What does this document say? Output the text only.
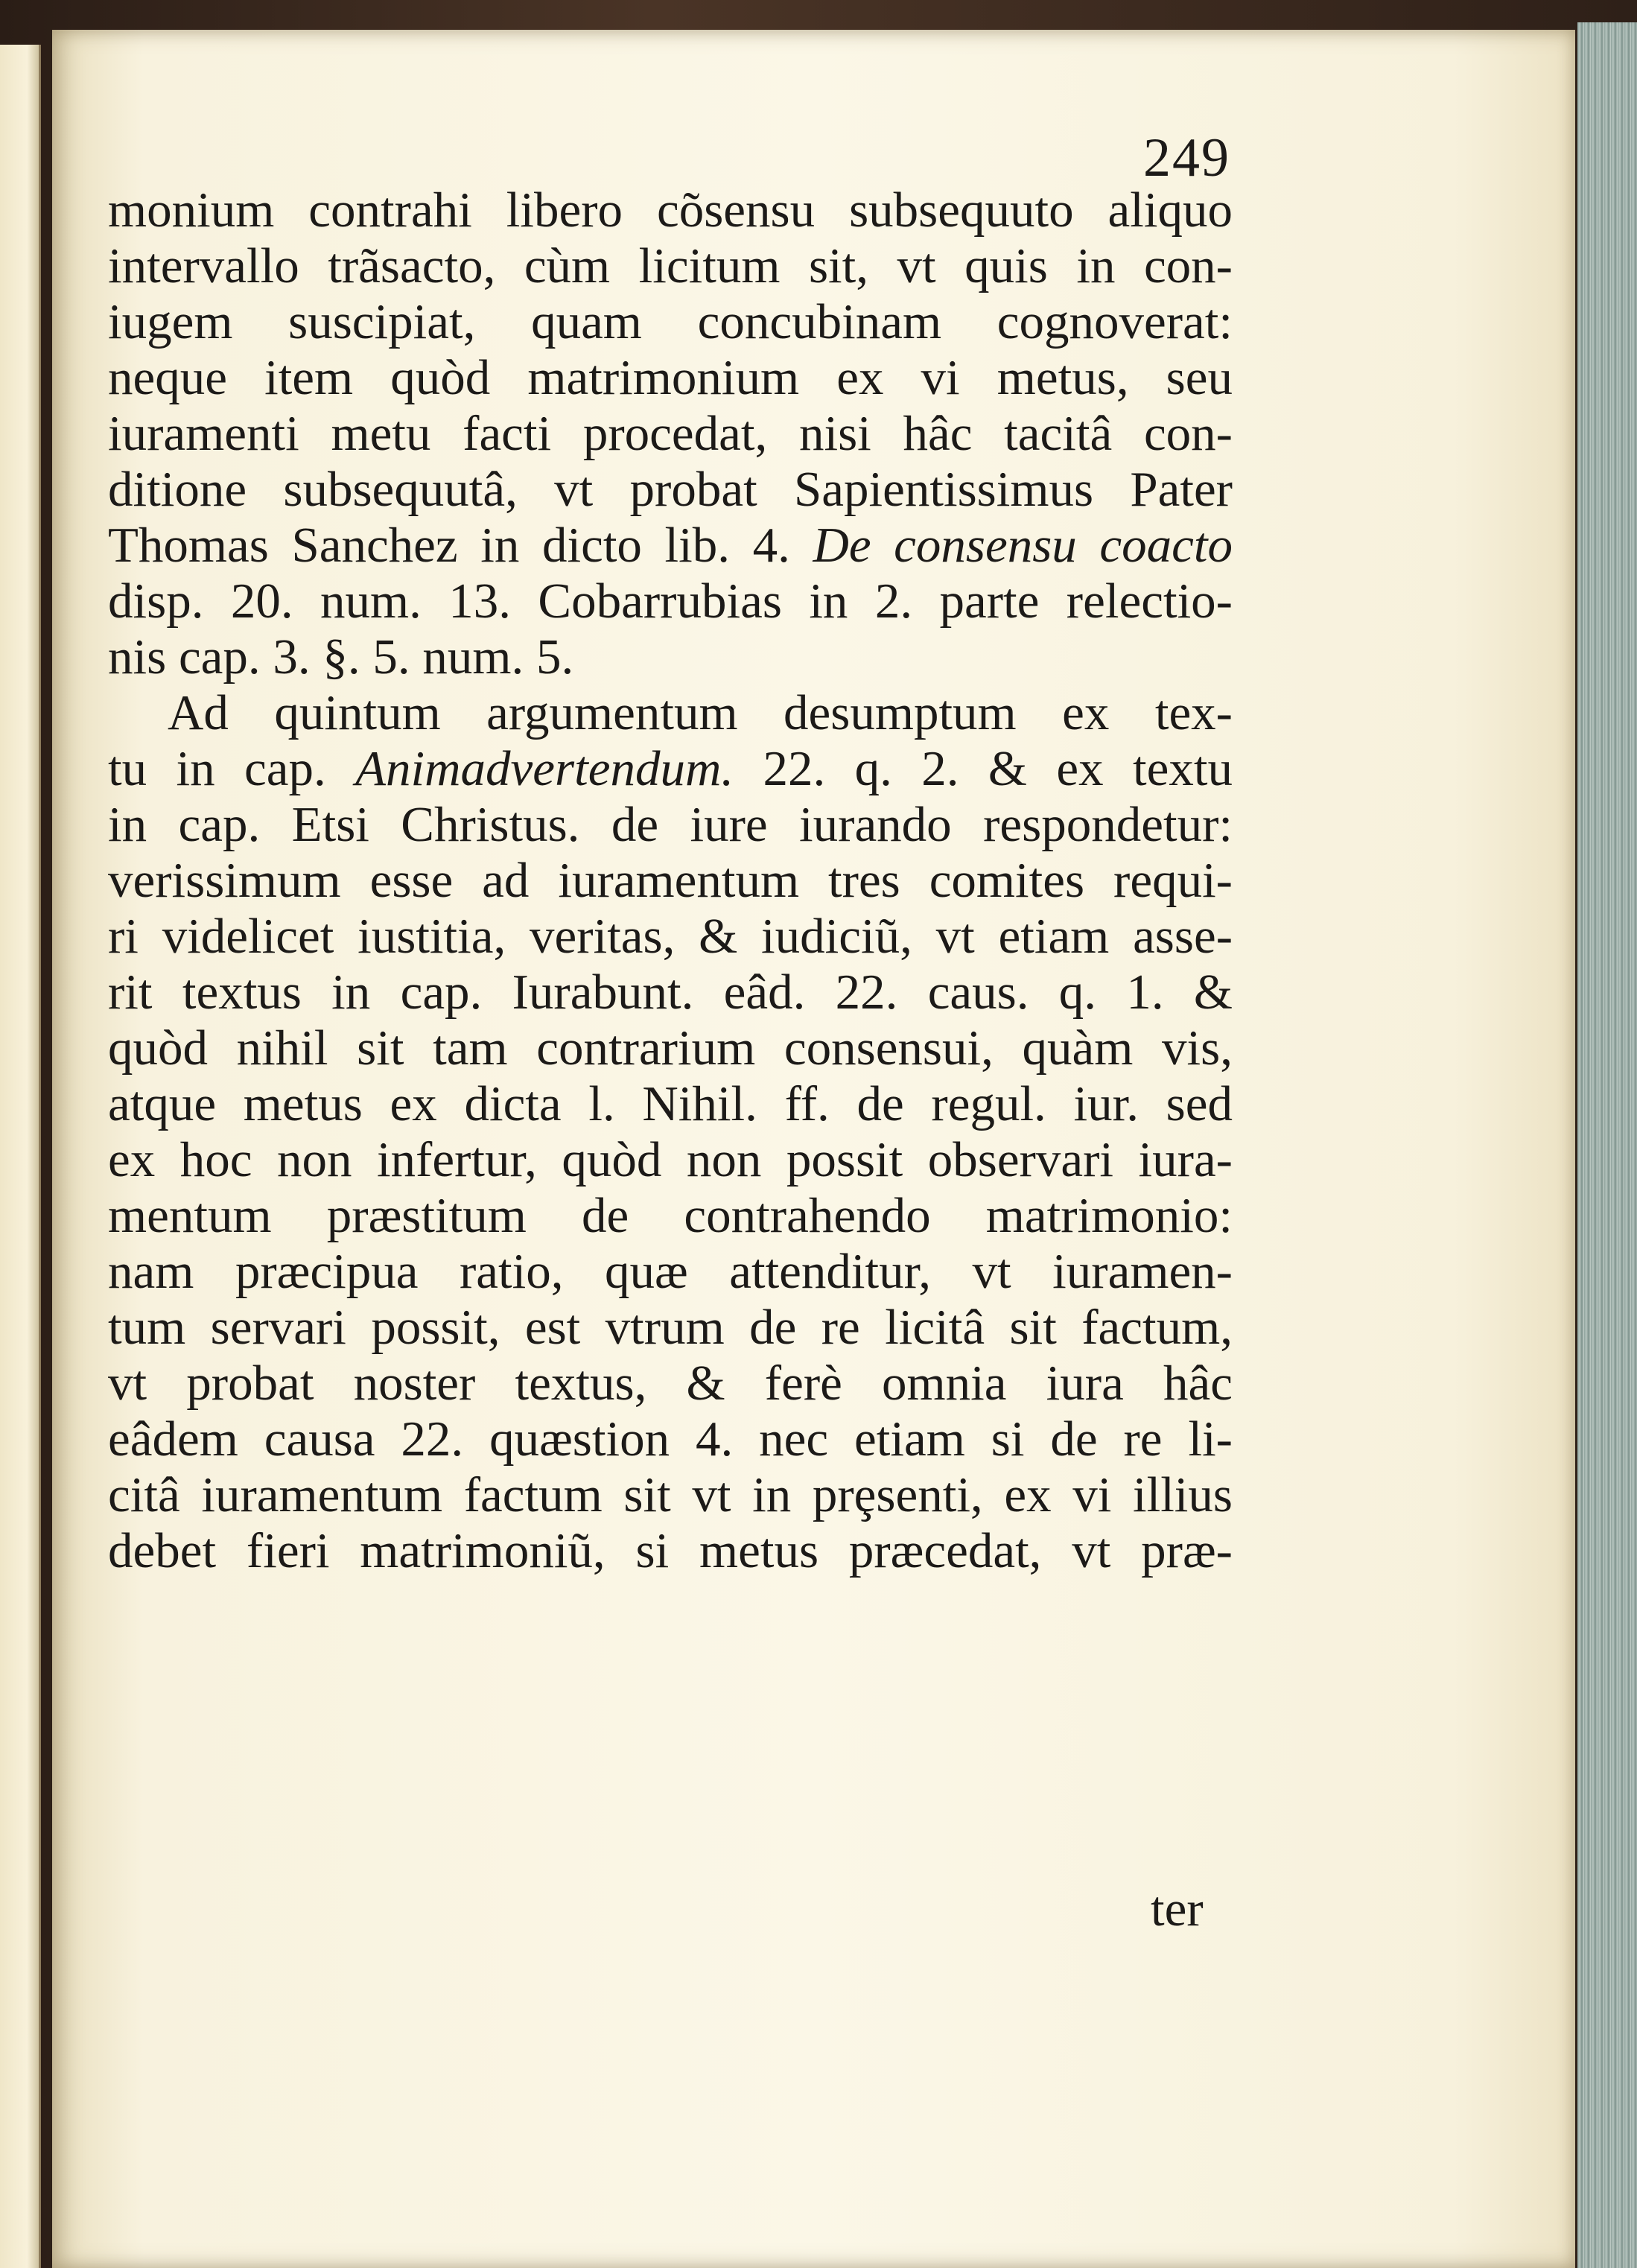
249
monium contrahi libero cõsensu subsequuto aliquo
intervallo trãsacto, cùm licitum sit, vt quis in con-
iugem suscipiat, quam concubinam cognoverat:
neque item quòd matrimonium ex vi metus, seu
iuramenti metu facti procedat, nisi hâc tacitâ con-
ditione subsequutâ, vt probat Sapientissimus Pater
Thomas Sanchez in dicto lib. 4. De consensu coacto
disp. 20. num. 13. Cobarrubias in 2. parte relectio-
nis cap. 3. §. 5. num. 5.
Ad quintum argumentum desumptum ex tex-
tu in cap. Animadvertendum. 22. q. 2. & ex textu
in cap. Etsi Christus. de iure iurando respondetur:
verissimum esse ad iuramentum tres comites requi-
ri videlicet iustitia, veritas, & iudiciũ, vt etiam asse-
rit textus in cap. Iurabunt. eâd. 22. caus. q. 1. &
quòd nihil sit tam contrarium consensui, quàm vis,
atque metus ex dicta l. Nihil. ff. de regul. iur. sed
ex hoc non infertur, quòd non possit observari iura-
mentum præstitum de contrahendo matrimonio:
nam præcipua ratio, quæ attenditur, vt iuramen-
tum servari possit, est vtrum de re licitâ sit factum,
vt probat noster textus, & ferè omnia iura hâc
eâdem causa 22. quæstion 4. nec etiam si de re li-
citâ iuramentum factum sit vt in prȩsenti, ex vi illius
debet fieri matrimoniũ, si metus præcedat, vt præ-
ter
